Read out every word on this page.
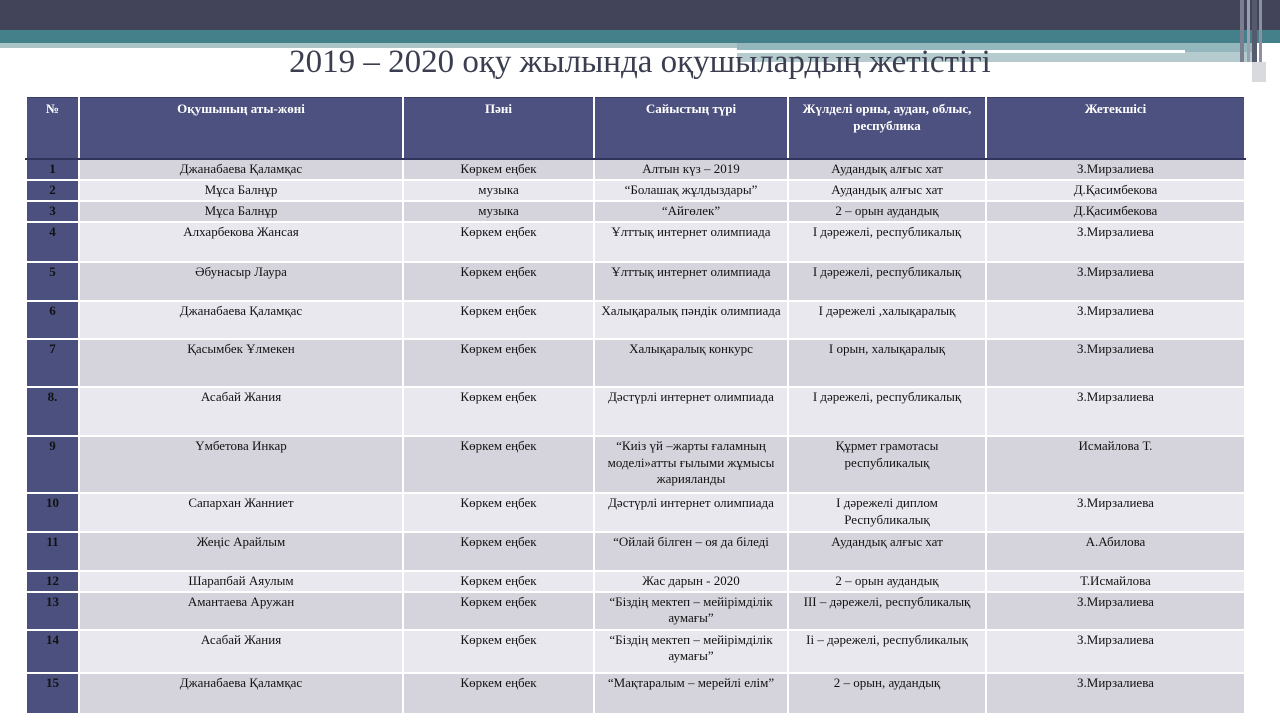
2019 – 2020 оқу жылында оқушылардың жетістігі
№	Оқушының аты-жөні	Пәні	Сайыстың түрі	Жүлделі орны, аудан, облыс, республика	Жетекшісі
1	Джанабаева Қаламқас	Көркем еңбек	Алтын күз – 2019	Аудандық алғыс хат	З.Мирзалиева
2	Мұса Балнұр	музыка	“Болашақ жұлдыздары”	Аудандық алғыс хат	Д.Қасимбекова
3	Мұса Балнұр	музыка	“Айгөлек”	2 – орын аудандық	Д.Қасимбекова
4	Алхарбекова Жансая	Көркем еңбек	Ұлттық интернет олимпиада	І дәрежелі, республикалық	З.Мирзалиева
5	Әбунасыр Лаура	Көркем еңбек	Ұлттық интернет олимпиада	І дәрежелі, республикалық	З.Мирзалиева
6	Джанабаева Қаламқас	Көркем еңбек	Халықаралық пәндік олимпиада	І дәрежелі ,халықаралық	З.Мирзалиева
7	Қасымбек Ұлмекен	Көркем еңбек	Халықаралық конкурс	І орын, халықаралық	З.Мирзалиева
8.	Асабай Жания	Көркем еңбек	Дәстүрлі интернет олимпиада	І дәрежелі, республикалық	З.Мирзалиева
9	Үмбетова Инкар	Көркем еңбек	“Киіз үй –жарты ғаламның моделі»атты ғылыми жұмысы жарияланды	Құрмет грамотасы республикалық	Исмайлова Т.
10	Сапархан Жанниет	Көркем еңбек	Дәстүрлі интернет олимпиада	І дәрежелі диплом Республикалық	З.Мирзалиева
11	Жеңіс Арайлым	Көркем еңбек	“Ойлай білген – оя да біледі	Аудандық алғыс хат	А.Абилова
12	Шарапбай Аяулым	Көркем еңбек	Жас дарын - 2020	2 – орын аудандық	Т.Исмайлова
13	Амантаева Аружан	Көркем еңбек	“Біздің мектеп – мейірімділік аумағы”	ІІІ – дәрежелі, республикалық	З.Мирзалиева
14	Асабай Жания	Көркем еңбек	“Біздің мектеп – мейірімділік аумағы”	Іі – дәрежелі, республикалық	З.Мирзалиева
15	Джанабаева Қаламқас	Көркем еңбек	“Мақтаралым – мерейлі елім”	2 – орын, аудандық	З.Мирзалиева
